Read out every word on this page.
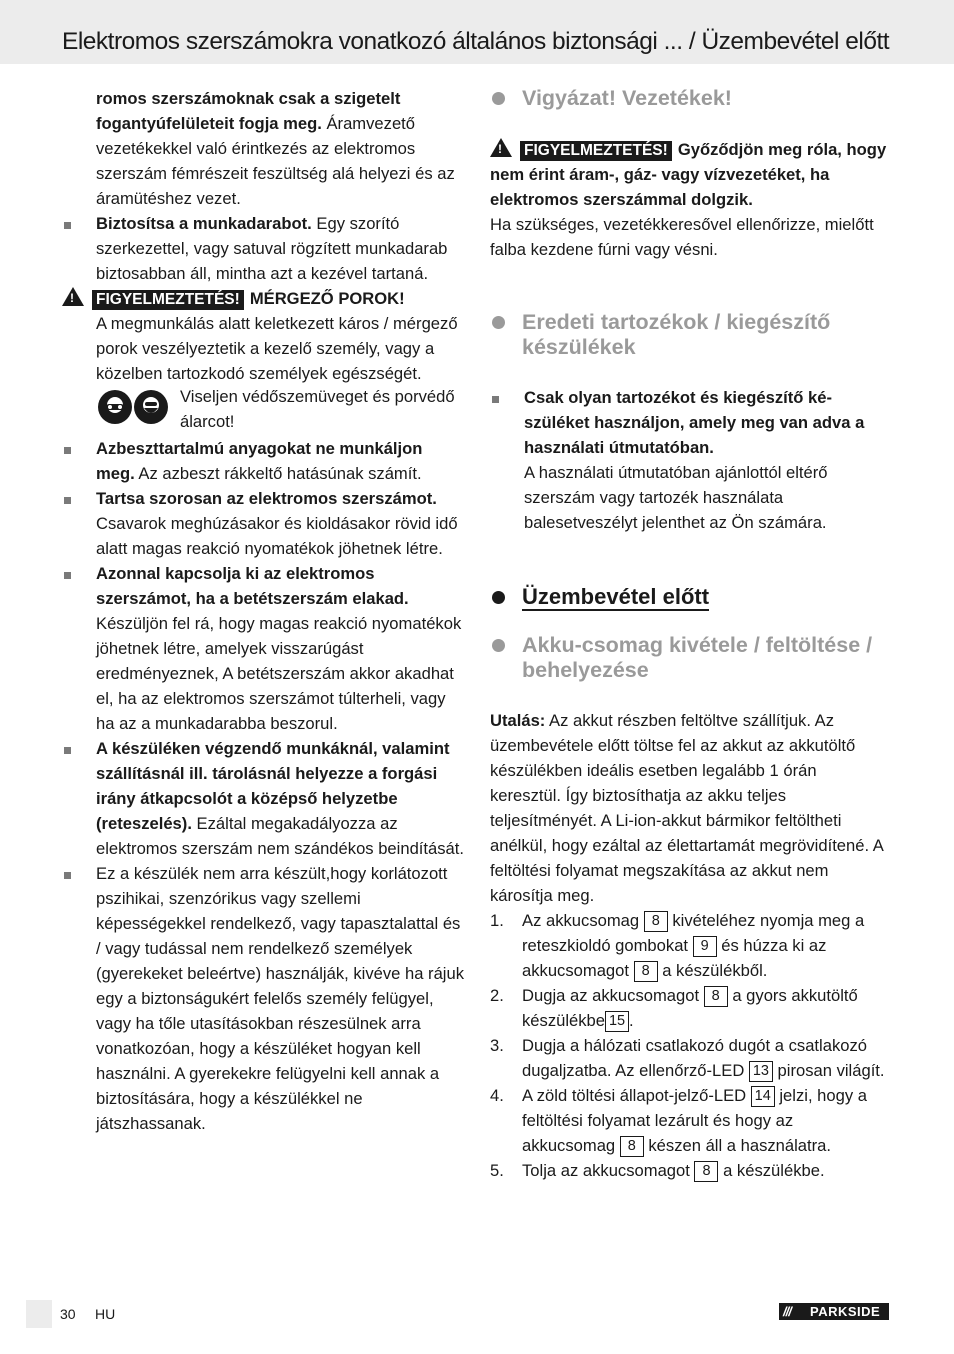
Elektromos szerszámokra vonatkozó általános biztonsági ... / Üzembevétel előtt

romos szerszámoknak csak a szigetelt fogantyúfelületeit fogja meg. Áramvezető vezetékekkel való érintkezés az elektromos szerszám fémrészeit feszültség alá helyezi és az áramütéshez vezet.

Biztosítsa a munkadarabot. Egy szorító szerkezettel, vagy satuval rögzített munkadarab biztosabban áll, mintha azt a kezével tartaná.

! FIGYELMEZTETÉS! MÉRGEZŐ POROK!

A megmunkálás alatt keletkezett káros / mérgező porok veszélyeztetik a kezelő személy, vagy a közelben tartozkodó személyek egészségét.

Viseljen védőszemüveget és porvédő álarcot!

Azbeszttartalmú anyagokat ne munkáljon meg. Az azbeszt rákkeltő hatásúnak számít.
Tartsa szorosan az elektromos szerszámot. Csavarok meghúzásakor és kioldásakor rövid idő alatt magas reakció nyomatékok jöhetnek létre.
Azonnal kapcsolja ki az elektromos szerszámot, ha a betétszerszám elakad. Készüljön fel rá, hogy magas reakció nyomatékok jöhetnek létre, amelyek visszarúgást eredményeznek, A betétszerszám akkor akadhat el, ha az elektromos szerszámot túlterheli, vagy ha az a munkadarabba beszorul.
A készüléken végzendő munkáknál, valamint szállításnál ill. tárolásnál helyezze a forgási irány átkapcsolót a középső helyzetbe (reteszelés). Ezáltal megakadályozza az elektromos szerszám nem szándékos beindítását.
Ez a készülék nem arra készült,hogy korlátozott pszihikai, szenzórikus vagy szellemi képességekkel rendelkező, vagy tapasztalattal és / vagy tudással nem rendelkező személyek (gyerekeket beleértve) használják, kivéve ha rájuk egy a biztonságukért felelős személy felügyel, vagy ha tőle utasításokban részesülnek arra vonatkozóan, hogy a készüléket hogyan kell használni. A gyerekekre felügyelni kell annak a biztosítására, hogy a készülékkel ne játszhassanak.
Vigyázat! Vezetékek!

! FIGYELMEZTETÉS! Győződjön meg róla, hogy nem érint áram-, gáz- vagy vízvezetéket, ha elektromos szerszámmal dolgzik.

Ha szükséges, vezetékkeresővel ellenőrizze, mielőtt falba kezdene fúrni vagy vésni.

Eredeti tartozékok / kiegészítő készülékek
Csak olyan tartozékot és kiegészítő ké-szüléket használjon, amely meg van adva a használati útmutatóban.

A használati útmutatóban ajánlottól eltérő szerszám vagy tartozék használata balesetveszélyt jelenthet az Ön számára.

Üzembevétel előtt
Akku-csomag kivétele / feltöltése / behelyezése

Utalás: Az akkut részben feltöltve szállítjuk. Az üzembevétele előtt töltse fel az akkut az akkutöltő készülékben ideális esetben legalább 1 órán keresztül. Így biztosíthatja az akku teljes teljesítményét. A Li-ion-akkut bármikor feltöltheti anélkül, hogy ezáltal az élettartamát megrövidítené. A feltöltési folyamat megszakítása az akkut nem károsítja meg.

1. Az akkucsomag 8 kivételéhez nyomja meg a reteszkioldó gombokat 9 és húzza ki az akkucsomagot 8 a készülékből.
2. Dugja az akkucsomagot 8 a gyors akkutöltő készülékbe 15 .
3. Dugja a hálózati csatlakozó dugót a csatlakozó dugaljzatba. Az ellenőrző-LED 13 pirosan világít.
4. A zöld töltési állapot-jelző-LED 14 jelzi, hogy a feltöltési folyamat lezárult és hogy az akkucsomag 8 készen áll a használatra.
5. Tolja az akkucsomagot 8 a készülékbe.
30 HU	/// PARKSIDE
